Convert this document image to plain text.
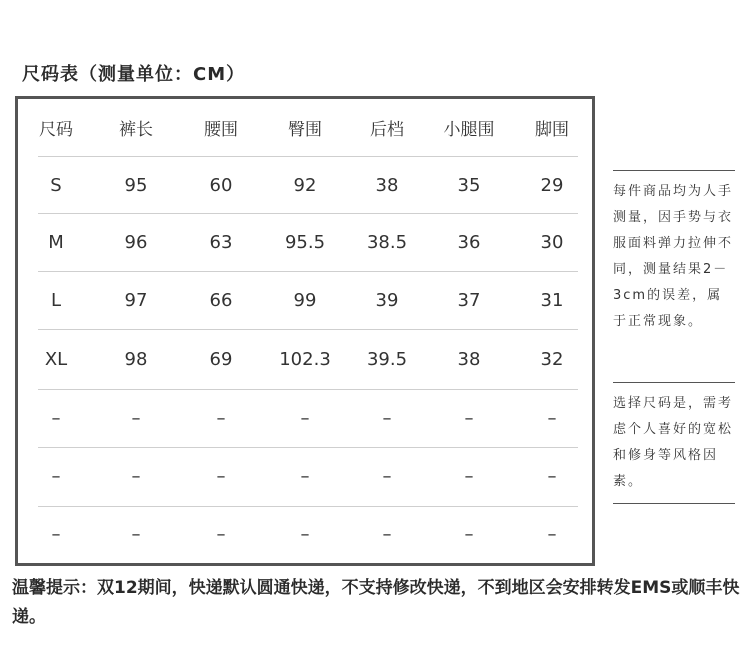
尺码表（测量单位：CM）
尺码	裤长	腰围	臀围	后档	小腿围	脚围
S	95	60	92	38	35	29
M	96	63	95.5	38.5	36	30
L	97	66	99	39	37	31
XL	98	69	102.3	39.5	38	32
–	–	–	–	–	–	–
–	–	–	–	–	–	–
–	–	–	–	–	–	–
每件商品均为人手测量，因手势与衣服面料弹力拉伸不同，测量结果2－3cm的误差，属于正常现象。
选择尺码是，需考虑个人喜好的宽松和修身等风格因素。
温馨提示：双12期间，快递默认圆通快递，不支持修改快递，不到地区会安排转发EMS或顺丰快递。
